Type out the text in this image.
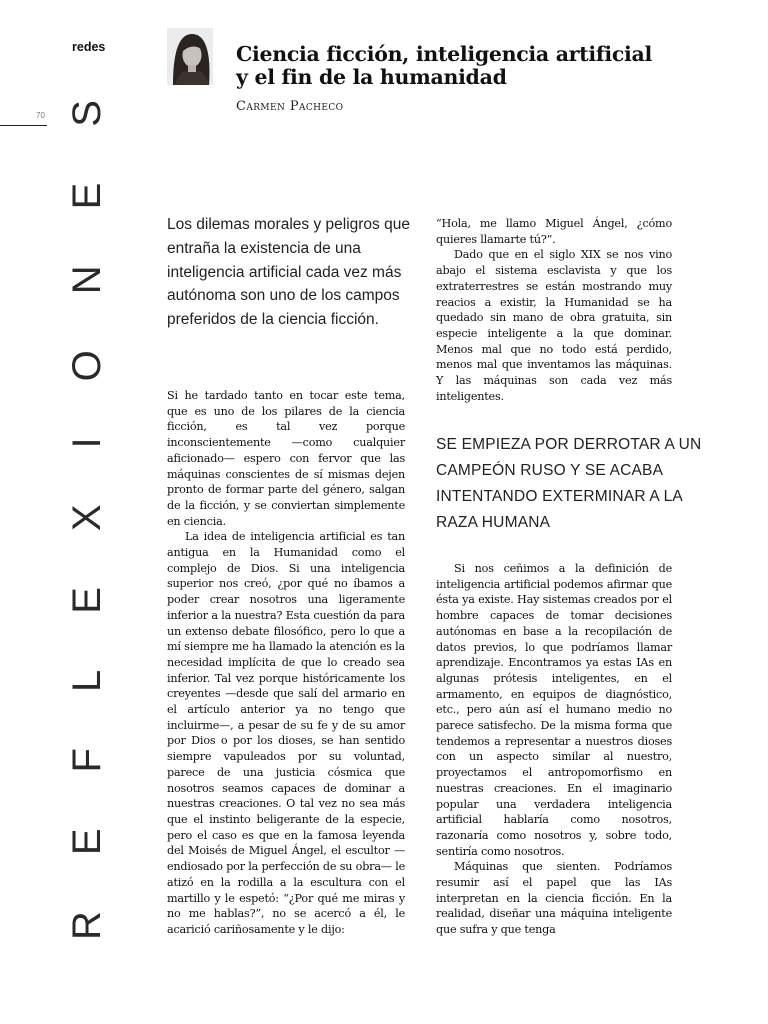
redes
70
R
E
F
L
E
X
I
O
N
E
S
Ciencia ficción, inteligencia artificial
y el fin de la humanidad
Carmen Pacheco

Los dilemas morales y peligros que entraña la existencia de una inteligencia artificial cada vez más autónoma son uno de los campos preferidos de la ciencia ficción.

Si he tardado tanto en tocar este tema, que es uno de los pilares de la ciencia ficción, es tal vez porque inconscientemente —como cualquier aficionado— espero con fervor que las máquinas conscientes de sí mismas dejen pronto de formar parte del género, salgan de la ficción, y se conviertan simplemente en ciencia.

La idea de inteligencia artificial es tan antigua en la Humanidad como el complejo de Dios. Si una inteligencia superior nos creó, ¿por qué no íbamos a poder crear nosotros una ligeramente inferior a la nuestra? Esta cuestión da para un extenso debate filosófico, pero lo que a mí siempre me ha llamado la atención es la necesidad implícita de que lo creado sea inferior. Tal vez porque históricamente los creyentes —desde que salí del armario en el artículo anterior ya no tengo que incluirme—, a pesar de su fe y de su amor por Dios o por los dioses, se han sentido siempre vapuleados por su voluntad, parece de una justicia cósmica que nosotros seamos capaces de dominar a nuestras creaciones. O tal vez no sea más que el instinto beligerante de la especie, pero el caso es que en la famosa leyenda del Moisés de Miguel Ángel, el escultor —endiosado por la perfección de su obra— le atizó en la rodilla a la escultura con el martillo y le espetó: “¿Por qué me miras y no me hablas?”, no se acercó a él, le acarició cariñosamente y le dijo:

“Hola, me llamo Miguel Ángel, ¿cómo quieres llamarte tú?”.

Dado que en el siglo XIX se nos vino abajo el sistema esclavista y que los extraterrestres se están mostrando muy reacios a existir, la Humanidad se ha quedado sin mano de obra gratuita, sin especie inteligente a la que dominar. Menos mal que no todo está perdido, menos mal que inventamos las máquinas. Y las máquinas son cada vez más inteligentes.

SE EMPIEZA POR DERROTAR A UN CAMPEÓN RUSO Y SE ACABA INTENTANDO EXTERMINAR A LA RAZA HUMANA

Si nos ceñimos a la definición de inteligencia artificial podemos afirmar que ésta ya existe. Hay sistemas creados por el hombre capaces de tomar decisiones autónomas en base a la recopilación de datos previos, lo que podríamos llamar aprendizaje. Encontramos ya estas IAs en algunas prótesis inteligentes, en el armamento, en equipos de diagnóstico, etc., pero aún así el humano medio no parece satisfecho. De la misma forma que tendemos a representar a nuestros dioses con un aspecto similar al nuestro, proyectamos el antropomorfismo en nuestras creaciones. En el imaginario popular una verdadera inteligencia artificial hablaría como nosotros, razonaría como nosotros y, sobre todo, sentiría como nosotros.

Máquinas que sienten. Podríamos resumir así el papel que las IAs interpretan en la ciencia ficción. En la realidad, diseñar una máquina inteligente que sufra y que tenga
